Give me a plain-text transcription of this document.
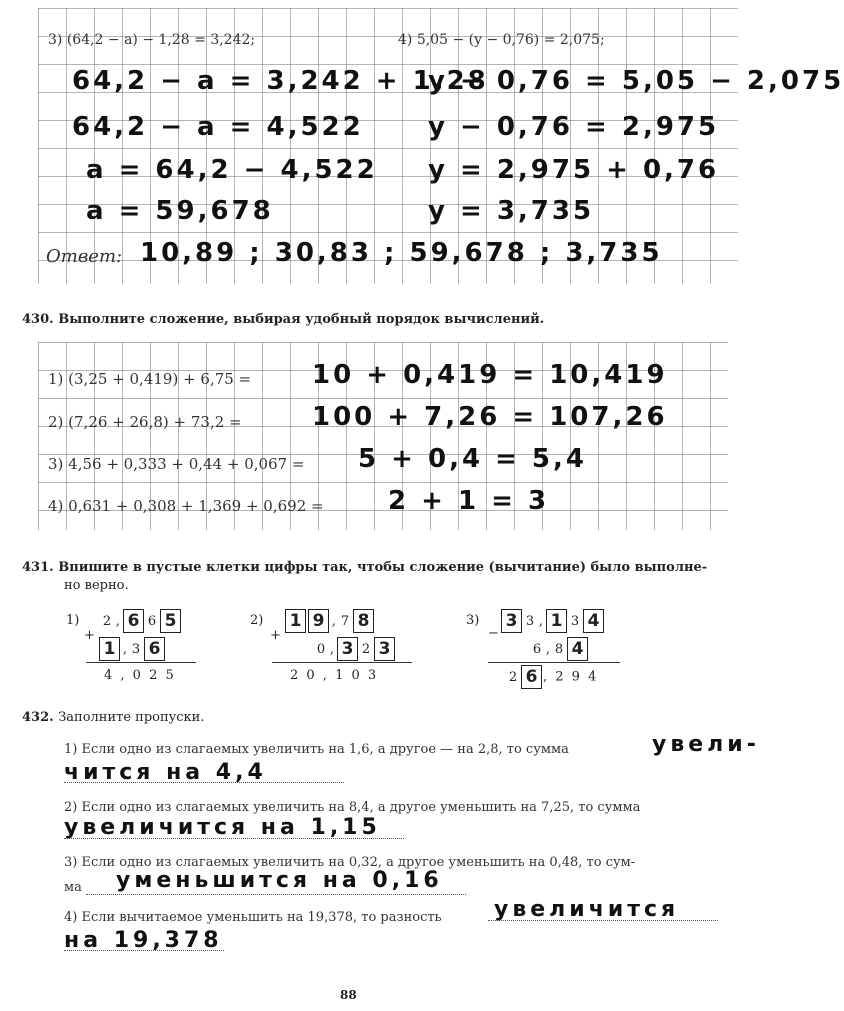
3) (64,2 − a) − 1,28 = 3,242;	4) 5,05 − (y − 0,76) = 2,075;
64,2 − a = 3,242 + 1,28
64,2 − a = 4,522
a = 64,2 − 4,522
a = 59,678
y − 0,76 = 5,05 − 2,075
y − 0,76 = 2,975
y = 2,975 + 0,76
y = 3,735
Ответ: 10,89 ; 30,83 ; 59,678 ; 3,735
430. Выполните сложение, выбирая удобный порядок вычислений.
1) (3,25 + 0,419) + 6,75 = 10 + 0,419 = 10,419
2) (7,26 + 26,8) + 73,2 =	100 + 7,26 = 107,26
3) 4,56 + 0,333 + 0,44 + 0,067 = 5 + 0,4 = 5,4
4) 0,631 + 0,308 + 1,369 + 0,692 = 2 + 1 = 3
431. Впишите в пустые клетки цифры так, чтобы сложение (вычитание) было выполне-
но верно.
1)
+
2 , 6 6 5
1 , 3 6
4 , 0 2 5
2)
+
1 9 , 7 8
0 , 3 2 3
2 0 , 1 0 3
3)
−
3 3 , 1 3 4
6 , 8 4
2 6 , 2 9 4
432. Заполните пропуски.
1) Если одно из слагаемых увеличить на 1,6, а другое — на 2,8, то сумма	увели-
чится на 4,4
2) Если одно из слагаемых увеличить на 8,4, а другое уменьшить на 7,25, то сумма
увеличится на 1,15
3) Если одно из слагаемых увеличить на 0,32, а другое уменьшить на 0,48, то сум-
ма уменьшится на 0,16
4) Если вычитаемое уменьшить на 19,378, то разность увеличится
на 19,378
88
